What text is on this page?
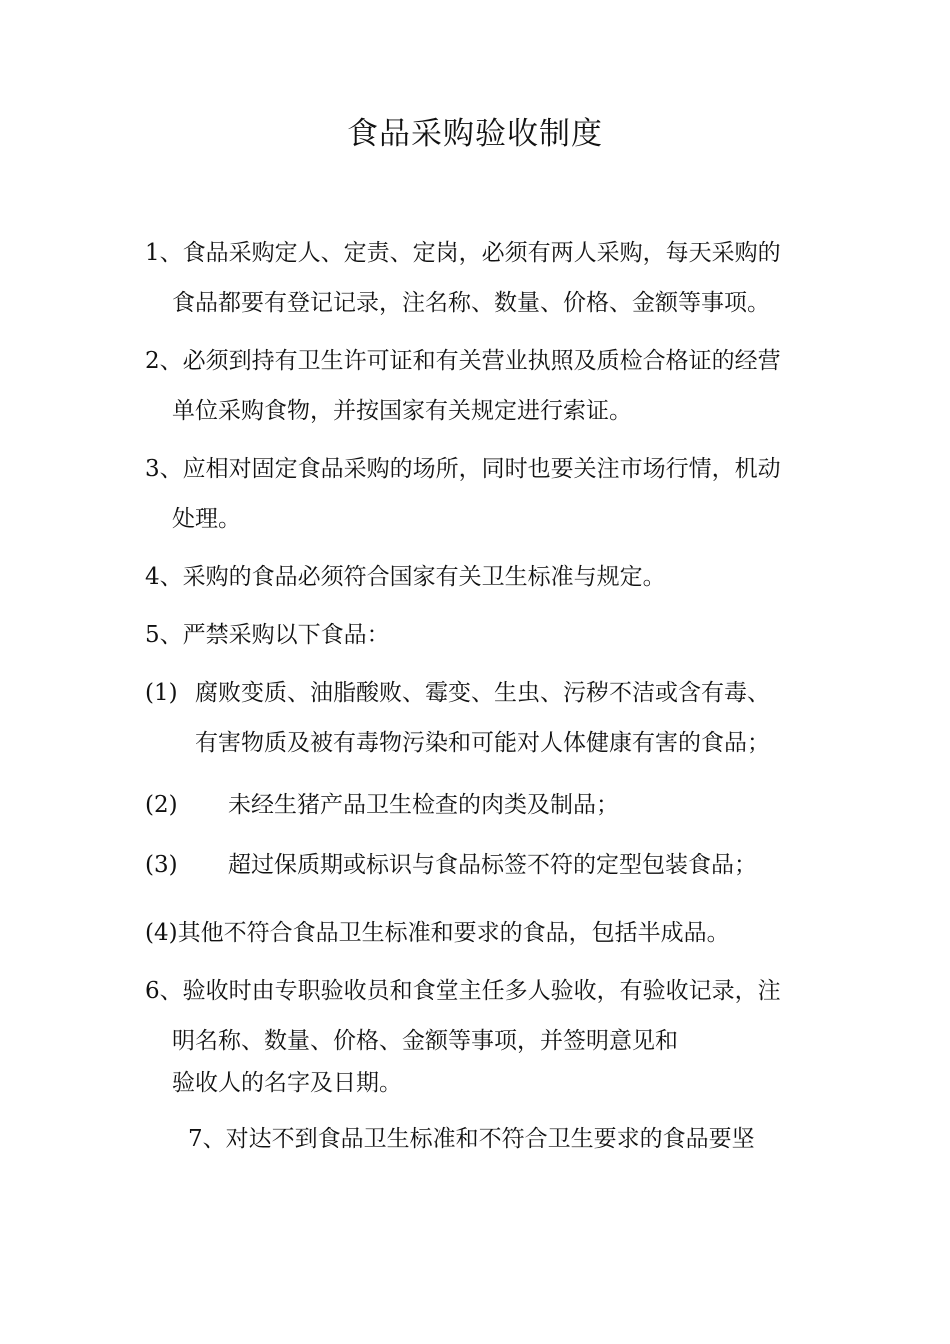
食品采购验收制度
1、食品采购定人、定责、定岗，必须有两人采购，每天采购的
食品都要有登记记录，注名称、数量、价格、金额等事项。
2、必须到持有卫生许可证和有关营业执照及质检合格证的经营
单位采购食物，并按国家有关规定进行索证。
3、应相对固定食品采购的场所，同时也要关注市场行情，机动
处理。
4、采购的食品必须符合国家有关卫生标准与规定。
5、严禁采购以下食品：
(1) 腐败变质、油脂酸败、霉变、生虫、污秽不洁或含有毒、
有害物质及被有毒物污染和可能对人体健康有害的食品；
(2) 未经生猪产品卫生检查的肉类及制品；
(3) 超过保质期或标识与食品标签不符的定型包装食品；
(4)其他不符合食品卫生标准和要求的食品，包括半成品。
6、验收时由专职验收员和食堂主任多人验收，有验收记录，注
明名称、数量、价格、金额等事项，并签明意见和
验收人的名字及日期。
7、对达不到食品卫生标准和不符合卫生要求的食品要坚
